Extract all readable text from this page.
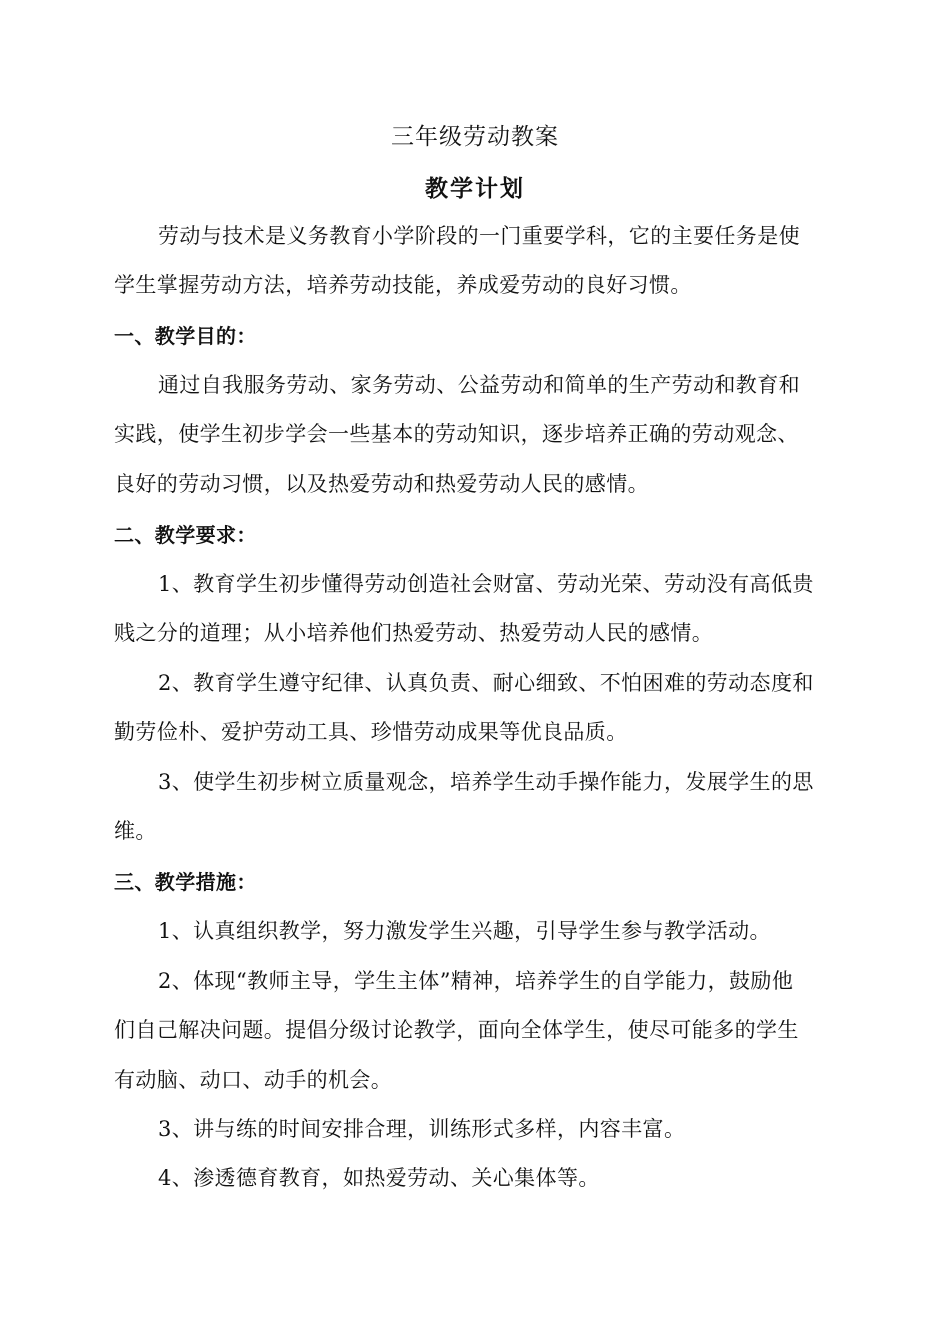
三年级劳动教案
教学计划
劳动与技术是义务教育小学阶段的一门重要学科，它的主要任务是使
学生掌握劳动方法，培养劳动技能，养成爱劳动的良好习惯。
一、教学目的：
通过自我服务劳动、家务劳动、公益劳动和简单的生产劳动和教育和
实践，使学生初步学会一些基本的劳动知识，逐步培养正确的劳动观念、
良好的劳动习惯，以及热爱劳动和热爱劳动人民的感情。
二、教学要求：
1、教育学生初步懂得劳动创造社会财富、劳动光荣、劳动没有高低贵
贱之分的道理；从小培养他们热爱劳动、热爱劳动人民的感情。
2、教育学生遵守纪律、认真负责、耐心细致、不怕困难的劳动态度和
勤劳俭朴、爱护劳动工具、珍惜劳动成果等优良品质。
3、使学生初步树立质量观念，培养学生动手操作能力，发展学生的思
维。
三、教学措施：
1、认真组织教学，努力激发学生兴趣，引导学生参与教学活动。
2、体现“教师主导，学生主体”精神，培养学生的自学能力，鼓励他
们自己解决问题。提倡分级讨论教学，面向全体学生，使尽可能多的学生
有动脑、动口、动手的机会。
3、讲与练的时间安排合理，训练形式多样，内容丰富。
4、渗透德育教育，如热爱劳动、关心集体等。
